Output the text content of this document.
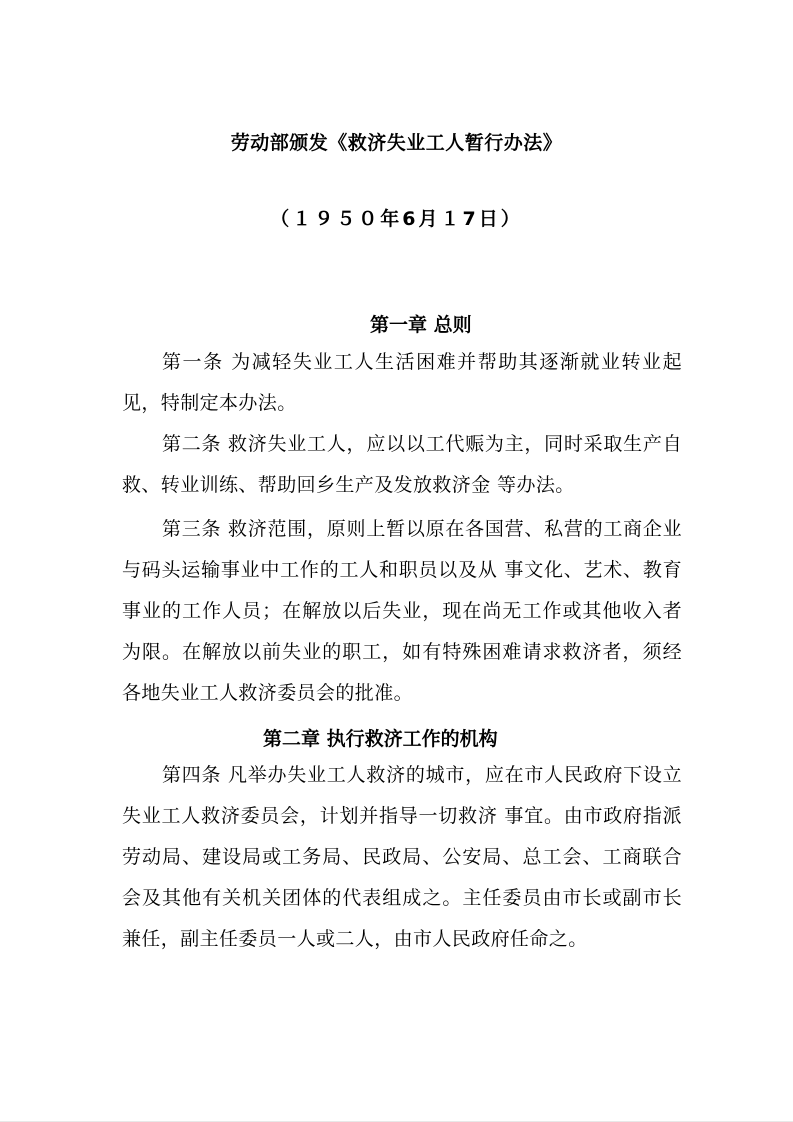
劳动部颁发《救济失业工人暂行办法》
（１９５０年6月１7日）
第一章 总则
第一条 为减轻失业工人生活困难并帮助其逐渐就业转业起见，特制定本办法。
第二条 救济失业工人，应以以工代赈为主，同时采取生产自救、转业训练、帮助回乡生产及发放救济金 等办法。
第三条 救济范围，原则上暂以原在各国营、私营的工商企业与码头运输事业中工作的工人和职员以及从 事文化、艺术、教育事业的工作人员；在解放以后失业，现在尚无工作或其他收入者为限。在解放以前失业的职工，如有特殊困难请求救济者，须经各地失业工人救济委员会的批准。
第二章 执行救济工作的机构
第四条 凡举办失业工人救济的城市，应在市人民政府下设立失业工人救济委员会，计划并指导一切救济 事宜。由市政府指派劳动局、建设局或工务局、民政局、公安局、总工会、工商联合会及其他有关机关团体的代表组成之。主任委员由市长或副市长兼任，副主任委员一人或二人，由市人民政府任命之。
